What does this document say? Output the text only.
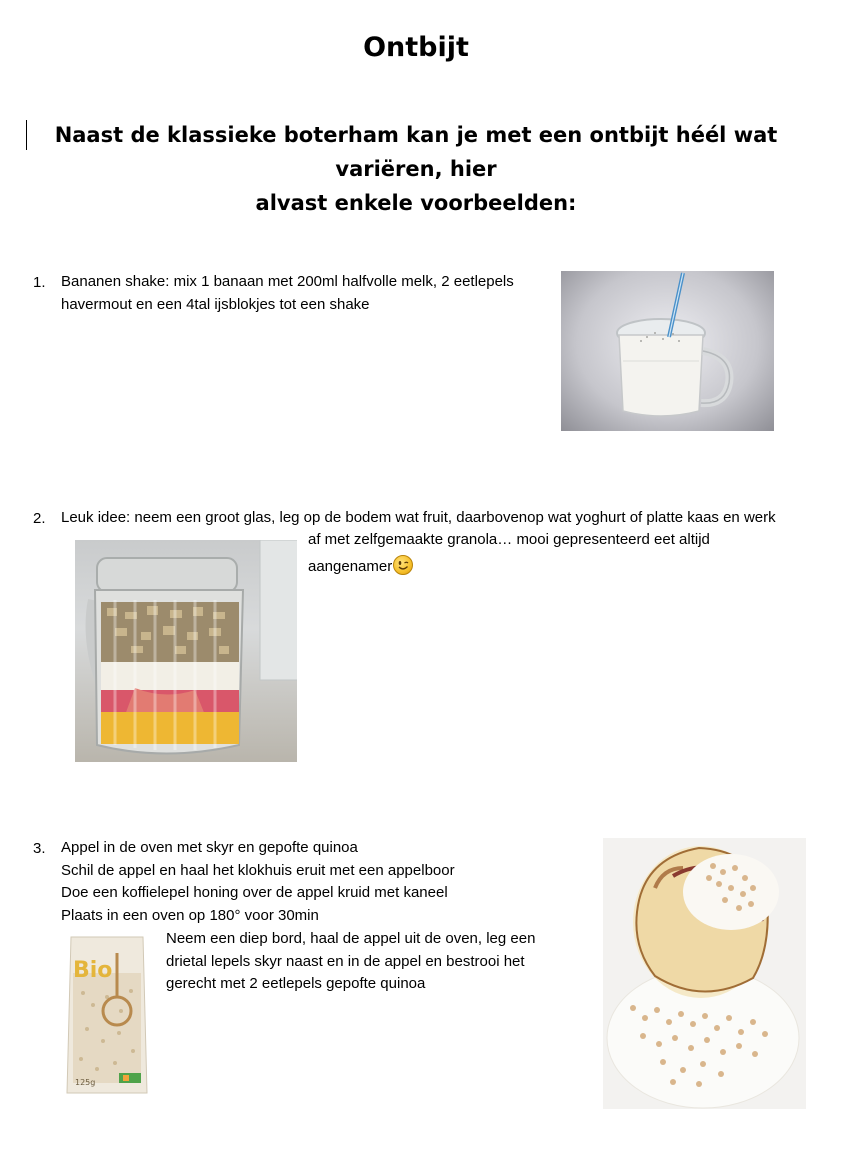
Ontbijt
Naast de klassieke boterham kan je met een ontbijt héél wat variëren, hier
alvast enkele voorbeelden:
1. Bananen shake: mix 1 banaan met 200ml halfvolle melk, 2 eetlepels
havermout en een 4tal ijsblokjes tot een shake
2. Leuk idee: neem een groot glas, leg op de bodem wat fruit, daarbovenop wat yoghurt of platte kaas en werk
af met zelfgemaakte granola… mooi gepresenteerd eet altijd
aangenamer
3. Appel in de oven met skyr en gepofte quinoa
Schil de appel en haal het klokhuis eruit met een appelboor
Doe een koffielepel honing over de appel kruid met kaneel
Plaats in een oven op 180° voor 30min
Neem een diep bord, haal de appel uit de oven, leg een
drietal lepels skyr naast en in de appel en bestrooi het
gerecht met 2 eetlepels gepofte quinoa
Bio
125g
